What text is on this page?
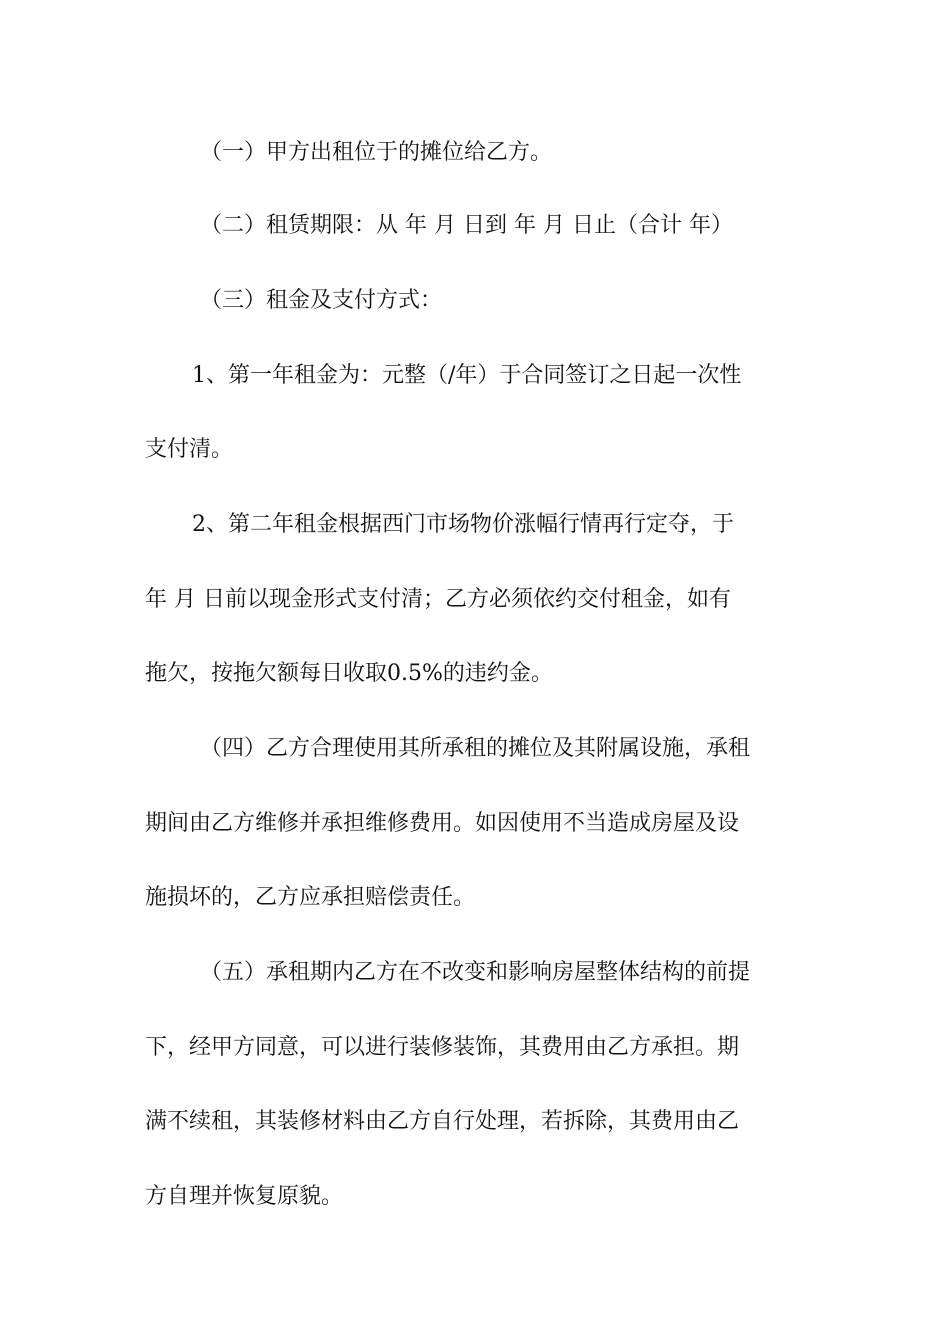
（一）甲方出租位于的摊位给乙方。
（二）租赁期限：从 年 月 日到 年 月 日止（合计 年）
（三）租金及支付方式：
1、第一年租金为：元整（/年）于合同签订之日起一次性
支付清。
2、第二年租金根据西门市场物价涨幅行情再行定夺，于
年 月 日前以现金形式支付清；乙方必须依约交付租金，如有
拖欠，按拖欠额每日收取0.5%的违约金。
（四）乙方合理使用其所承租的摊位及其附属设施，承租
期间由乙方维修并承担维修费用。如因使用不当造成房屋及设
施损坏的，乙方应承担赔偿责任。
（五）承租期内乙方在不改变和影响房屋整体结构的前提
下，经甲方同意，可以进行装修装饰，其费用由乙方承担。期
满不续租，其装修材料由乙方自行处理，若拆除，其费用由乙
方自理并恢复原貌。
